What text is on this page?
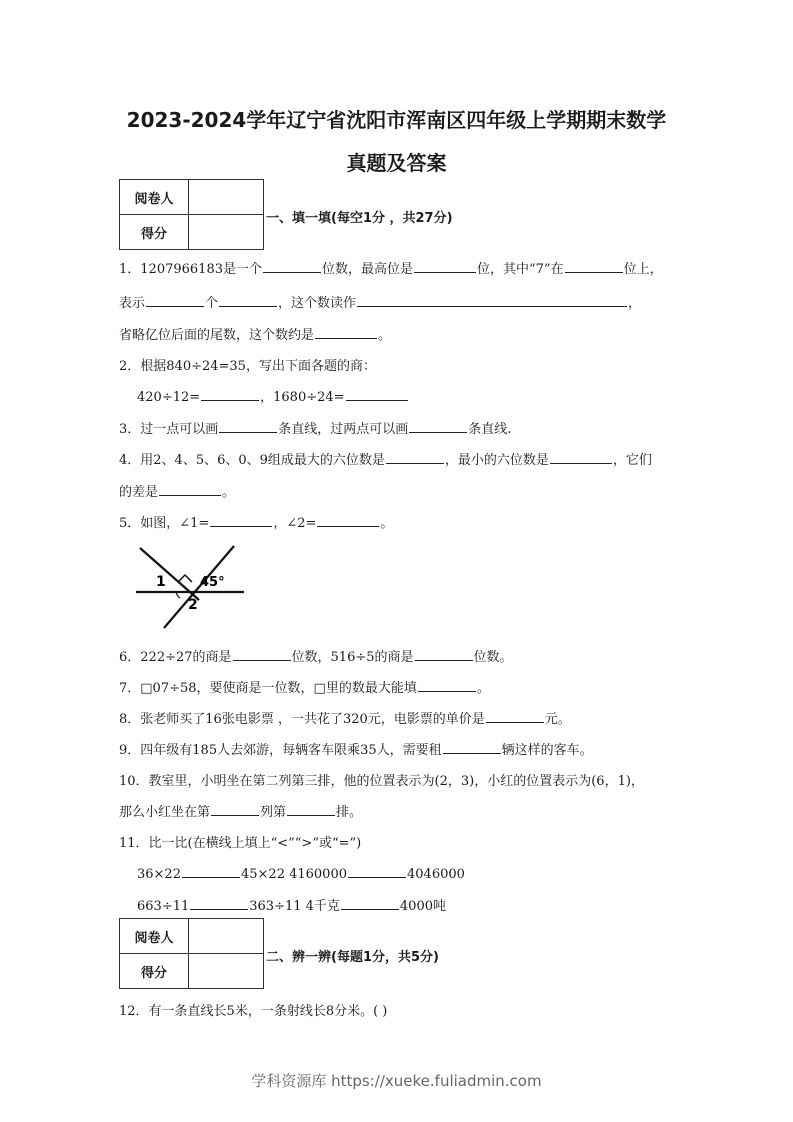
2023-2024学年辽宁省沈阳市浑南区四年级上学期期末数学
真题及答案
阅卷人	
得分	
一、填一填(每空1分 ，共27分)
1．1207966183是一个	位数，最高位是	位，其中“7”在	位上，
表示	个	，这个数读作	，
省略亿位后面的尾数，这个数约是	。
2．根据840÷24=35，写出下面各题的商：
420÷12=	，1680÷24=
3．过一点可以画	条直线，过两点可以画	条直线.
4．用2、4、5、6、0、9组成最大的六位数是	，最小的六位数是	，它们
的差是	。
5．如图，∠1=	，∠2=	。
1
2
45°
6．222÷27的商是	位数，516÷5的商是	位数。
7．□07÷58，要使商是一位数，□里的数最大能填	。
8．张老师买了16张电影票 ，一共花了320元，电影票的单价是	元。
9．四年级有185人去郊游，每辆客车限乘35人，需要租	辆这样的客车。
10．教室里，小明坐在第二列第三排，他的位置表示为(2，3)，小红的位置表示为(6，1)，
那么小红坐在第	列第	排。
11．比一比(在横线上填上“<”“>”或“=”)
36×22	45×22 4160000	4046000
663÷11	363÷11 4千克	4000吨
阅卷人	
得分	
二、辨一辨(每题1分，共5分)
12．有一条直线长5米，一条射线长8分米。( )
学科资源库 https://xueke.fuliadmin.com
